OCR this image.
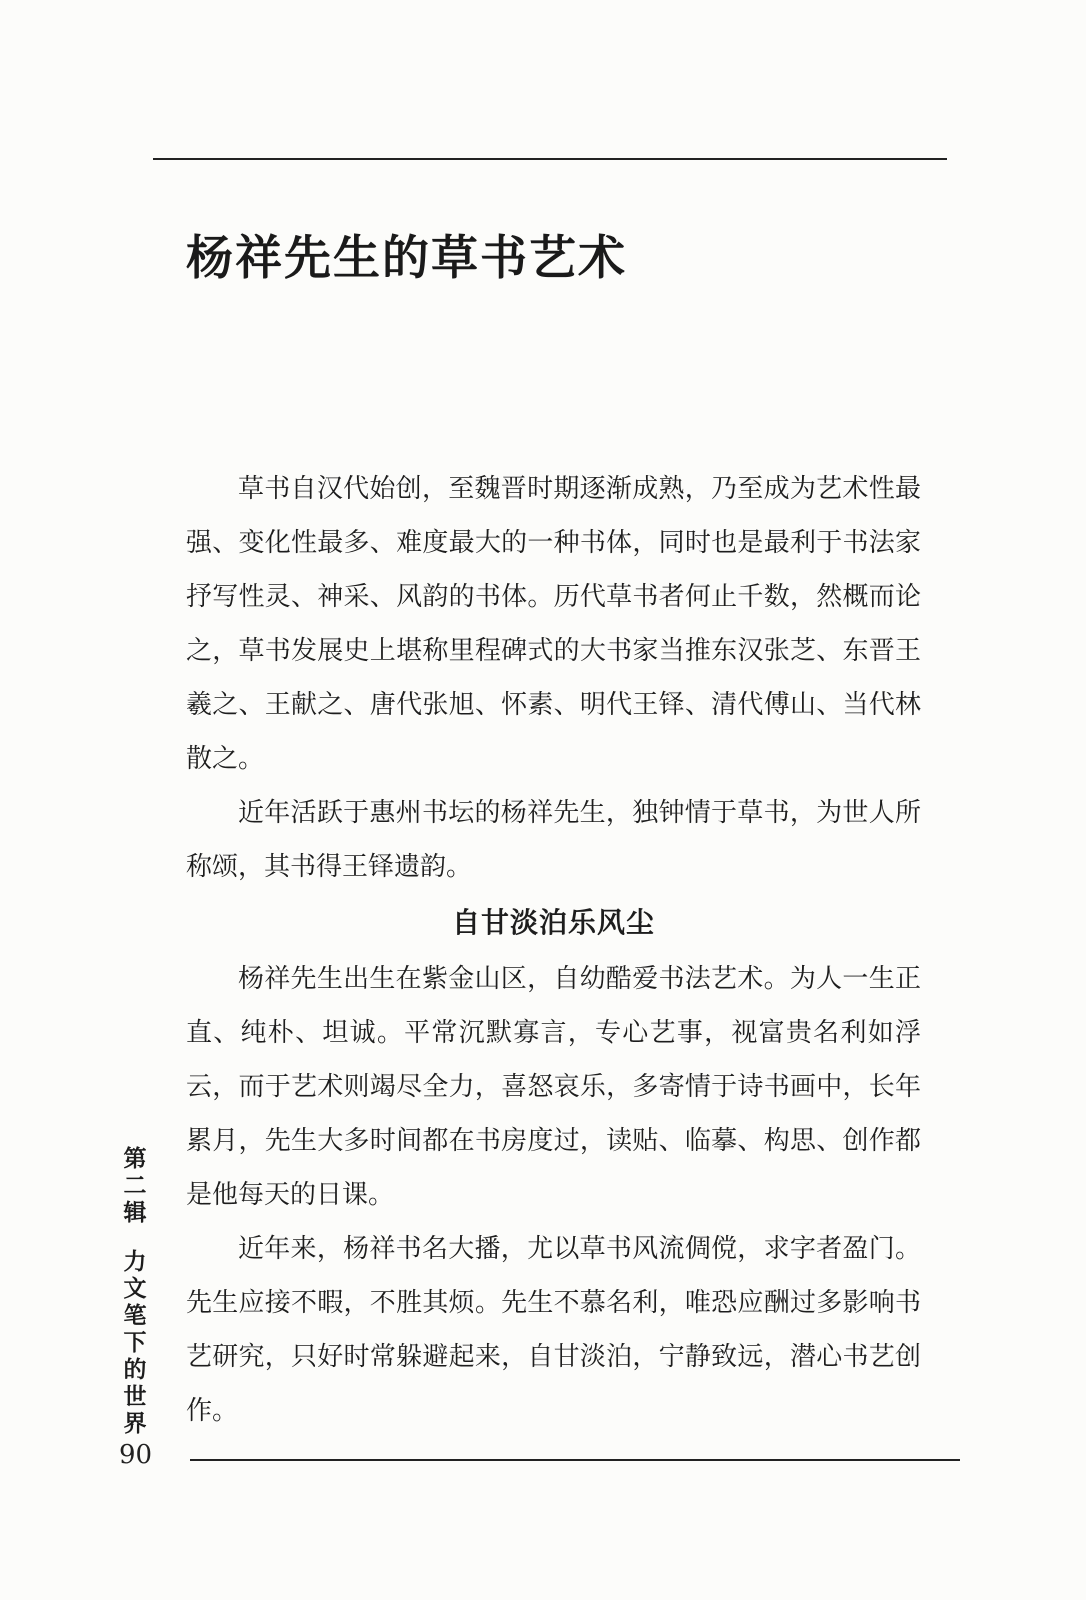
杨祥先生的草书艺术

草书自汉代始创，至魏晋时期逐渐成熟，乃至成为艺术性最强、变化性最多、难度最大的一种书体，同时也是最利于书法家抒写性灵、神采、风韵的书体。历代草书者何止千数，然概而论之，草书发展史上堪称里程碑式的大书家当推东汉张芝、东晋王羲之、王献之、唐代张旭、怀素、明代王铎、清代傅山、当代林散之。

近年活跃于惠州书坛的杨祥先生，独钟情于草书，为世人所称颂，其书得王铎遗韵。

自甘淡泊乐风尘

杨祥先生出生在紫金山区，自幼酷爱书法艺术。为人一生正直、纯朴、坦诚。平常沉默寡言，专心艺事，视富贵名利如浮云，而于艺术则竭尽全力，喜怒哀乐，多寄情于诗书画中，长年累月，先生大多时间都在书房度过，读贴、临摹、构思、创作都是他每天的日课。

近年来，杨祥书名大播，尤以草书风流倜傥，求字者盈门。先生应接不暇，不胜其烦。先生不慕名利，唯恐应酬过多影响书艺研究，只好时常躲避起来，自甘淡泊，宁静致远，潜心书艺创作。

第
二
辑
力
文
笔
下
的
世
界
90
